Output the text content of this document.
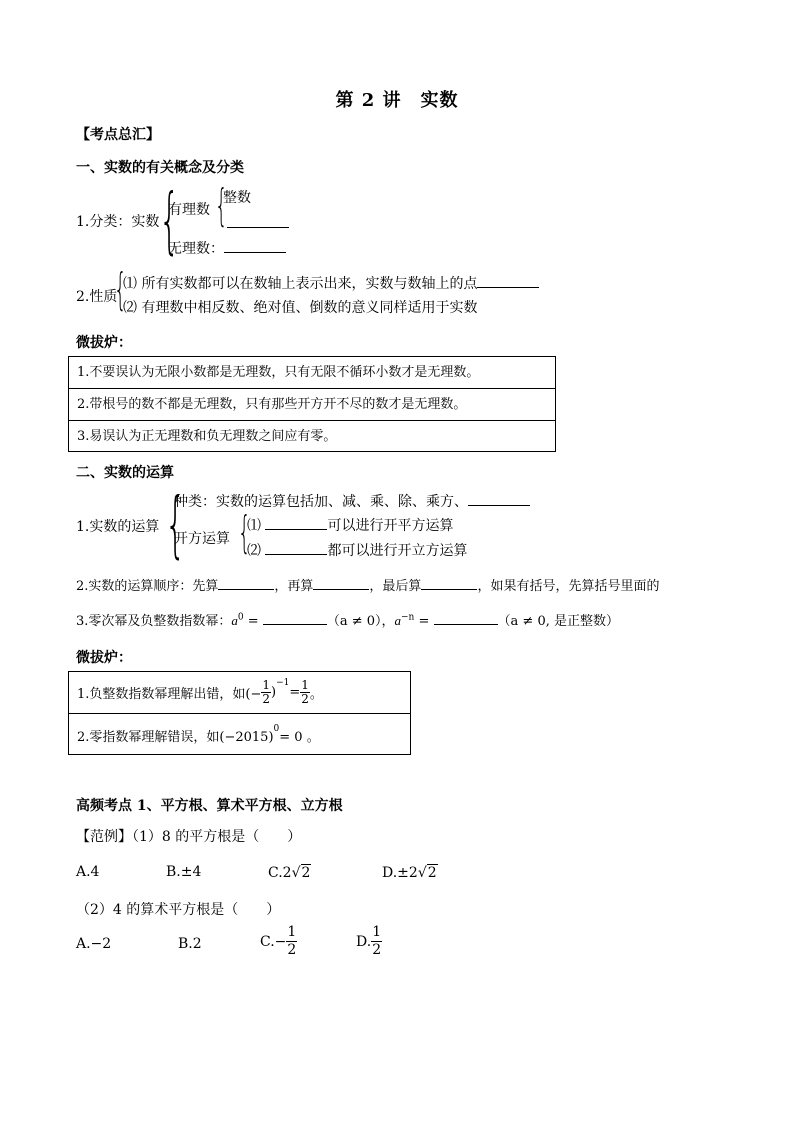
第 2 讲　实数
【考点总汇】
一、实数的有关概念及分类
1.分类：实数 {
有理数 {
整数
无理数：
2.性质
{
⑴ 所有实数都可以在数轴上表示出来，实数与数轴上的点
⑵ 有理数中相反数、绝对值、倒数的意义同样适用于实数
微拔炉：
1.不要误认为无限小数都是无理数，只有无限不循环小数才是无理数。
2.带根号的数不都是无理数，只有那些开方开不尽的数才是无理数。
3.易误认为正无理数和负无理数之间应有零。
二、实数的运算
1.实数的运算 {
种类：实数的运算包括加、减、乘、除、乘方、
开方运算 {
⑴	可以进行开平方运算
⑵	都可以进行开立方运算
2.实数的运算顺序：先算	，再算	，最后算	，如果有括号，先算括号里面的
3.零次幂及负整数指数幂：$a^0$ =	（a ≠ 0），$a^{-n}$ =	（a ≠ 0, 是正整数）
微拔炉：
1.负整数指数幂理解出错，如(− $\frac{1}{2}$ )
$^{-1}$
= $\frac{1}{2}$ 。
2.零指数幂理解错误，如(−2015)
$^0$
= 0 。
高频考点 1、平方根、算术平方根、立方根
【范例】（1）8 的平方根是（　　）
A.4	B.±4	C.2√2	D.±2√2
（2）4 的算术平方根是（　　）
A.−2	B.2	$C.- \frac{1}{2}$	D. $\frac{1}{2}$
